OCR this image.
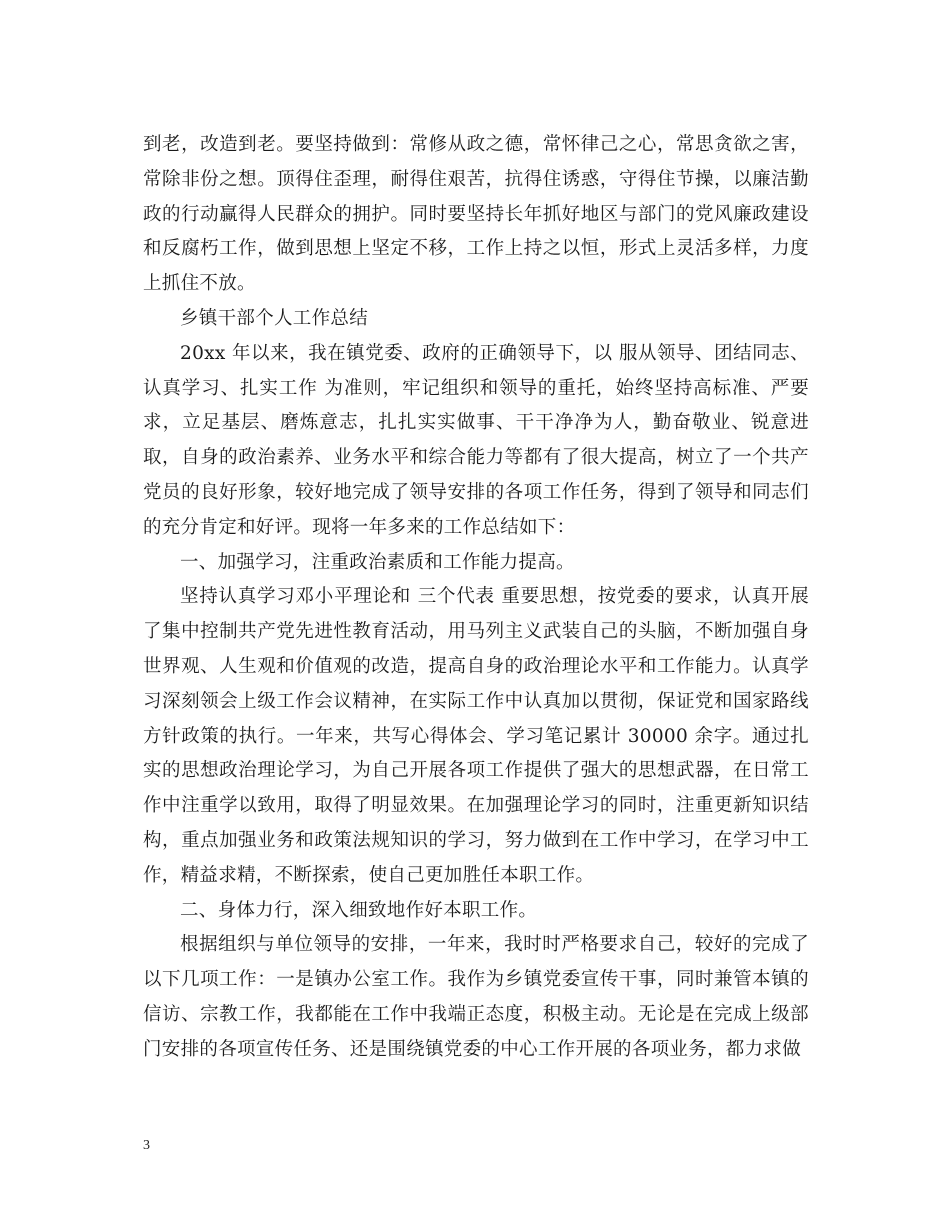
到老，改造到老。要坚持做到：常修从政之德，常怀律己之心，常思贪欲之害，常除非份之想。顶得住歪理，耐得住艰苦，抗得住诱惑，守得住节操，以廉洁勤政的行动赢得人民群众的拥护。同时要坚持长年抓好地区与部门的党风廉政建设和反腐朽工作，做到思想上坚定不移，工作上持之以恒，形式上灵活多样，力度上抓住不放。

乡镇干部个人工作总结

20xx 年以来，我在镇党委、政府的正确领导下，以 服从领导、团结同志、认真学习、扎实工作 为准则，牢记组织和领导的重托，始终坚持高标准、严要求，立足基层、磨炼意志，扎扎实实做事、干干净净为人，勤奋敬业、锐意进取，自身的政治素养、业务水平和综合能力等都有了很大提高，树立了一个共产党员的良好形象，较好地完成了领导安排的各项工作任务，得到了领导和同志们的充分肯定和好评。现将一年多来的工作总结如下：

一、加强学习，注重政治素质和工作能力提高。

坚持认真学习邓小平理论和 三个代表 重要思想，按党委的要求，认真开展了集中控制共产党先进性教育活动，用马列主义武装自己的头脑，不断加强自身世界观、人生观和价值观的改造，提高自身的政治理论水平和工作能力。认真学习深刻领会上级工作会议精神，在实际工作中认真加以贯彻，保证党和国家路线方针政策的执行。一年来，共写心得体会、学习笔记累计 30000 余字。通过扎实的思想政治理论学习，为自己开展各项工作提供了强大的思想武器，在日常工作中注重学以致用，取得了明显效果。在加强理论学习的同时，注重更新知识结构，重点加强业务和政策法规知识的学习，努力做到在工作中学习，在学习中工作，精益求精，不断探索，使自己更加胜任本职工作。

二、身体力行，深入细致地作好本职工作。

根据组织与单位领导的安排，一年来，我时时严格要求自己，较好的完成了以下几项工作：一是镇办公室工作。我作为乡镇党委宣传干事，同时兼管本镇的信访、宗教工作，我都能在工作中我端正态度，积极主动。无论是在完成上级部门安排的各项宣传任务、还是围绕镇党委的中心工作开展的各项业务，都力求做

3
